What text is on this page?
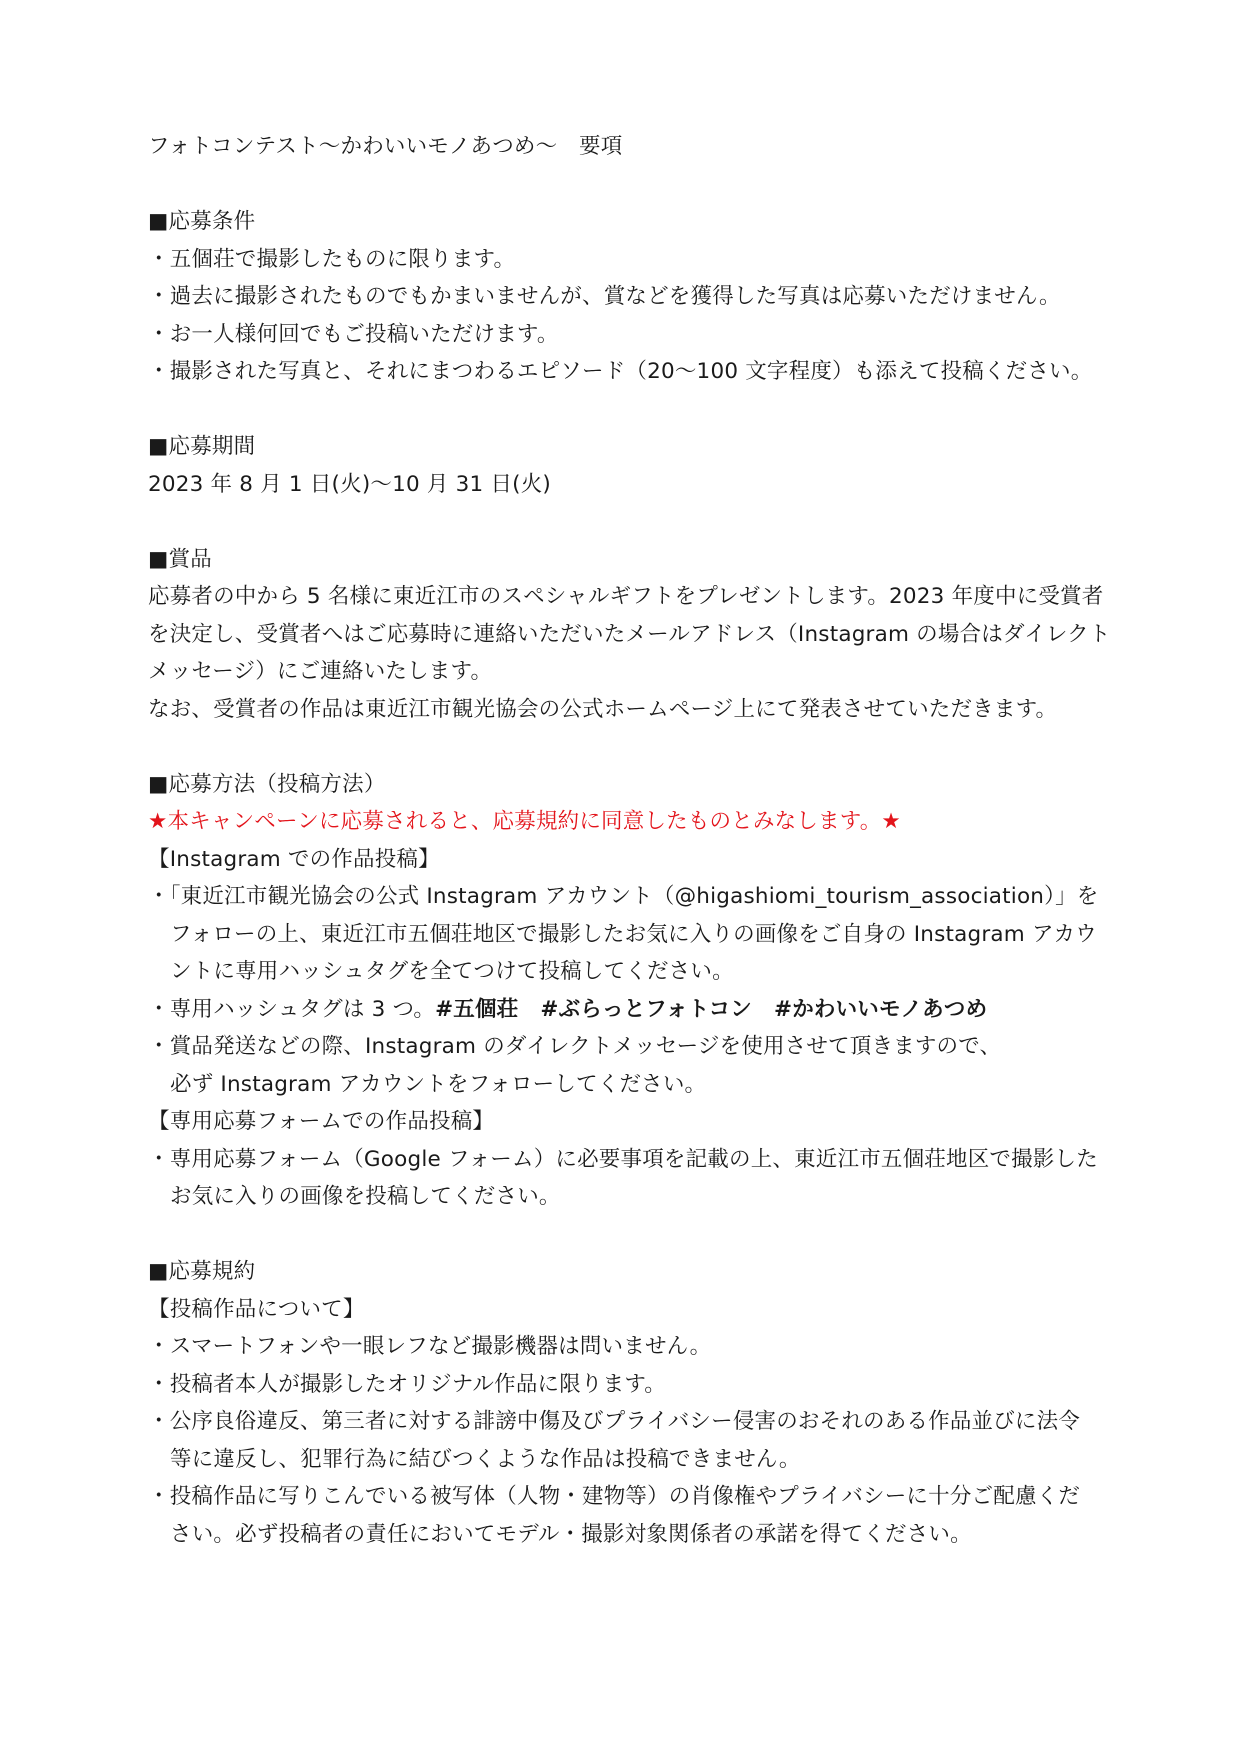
フォトコンテスト～かわいいモノあつめ～　要項
■応募条件
・五個荘で撮影したものに限ります。
・過去に撮影されたものでもかまいませんが、賞などを獲得した写真は応募いただけません。
・お一人様何回でもご投稿いただけます。
・撮影された写真と、それにまつわるエピソード（20～100 文字程度）も添えて投稿ください。
■応募期間
2023 年 8 月 1 日(火)～10 月 31 日(火)
■賞品
応募者の中から 5 名様に東近江市のスペシャルギフトをプレゼントします。2023 年度中に受賞者
を決定し、受賞者へはご応募時に連絡いただいたメールアドレス（Instagram の場合はダイレクト
メッセージ）にご連絡いたします。
なお、受賞者の作品は東近江市観光協会の公式ホームページ上にて発表させていただきます。
■応募方法（投稿方法）
★本キャンペーンに応募されると、応募規約に同意したものとみなします。★
【Instagram での作品投稿】
・「東近江市観光協会の公式 Instagram アカウント（@higashiomi_tourism_association）」を
フォローの上、東近江市五個荘地区で撮影したお気に入りの画像をご自身の Instagram アカウ
ントに専用ハッシュタグを全てつけて投稿してください。
・専用ハッシュタグは 3 つ。#五個荘 #ぶらっとフォトコン #かわいいモノあつめ
・賞品発送などの際、Instagram のダイレクトメッセージを使用させて頂きますので、
必ず Instagram アカウントをフォローしてください。
【専用応募フォームでの作品投稿】
・専用応募フォーム（Google フォーム）に必要事項を記載の上、東近江市五個荘地区で撮影した
お気に入りの画像を投稿してください。
■応募規約
【投稿作品について】
・スマートフォンや一眼レフなど撮影機器は問いません。
・投稿者本人が撮影したオリジナル作品に限ります。
・公序良俗違反、第三者に対する誹謗中傷及びプライバシー侵害のおそれのある作品並びに法令
等に違反し、犯罪行為に結びつくような作品は投稿できません。
・投稿作品に写りこんでいる被写体（人物・建物等）の肖像権やプライバシーに十分ご配慮くだ
さい。必ず投稿者の責任においてモデル・撮影対象関係者の承諾を得てください。
